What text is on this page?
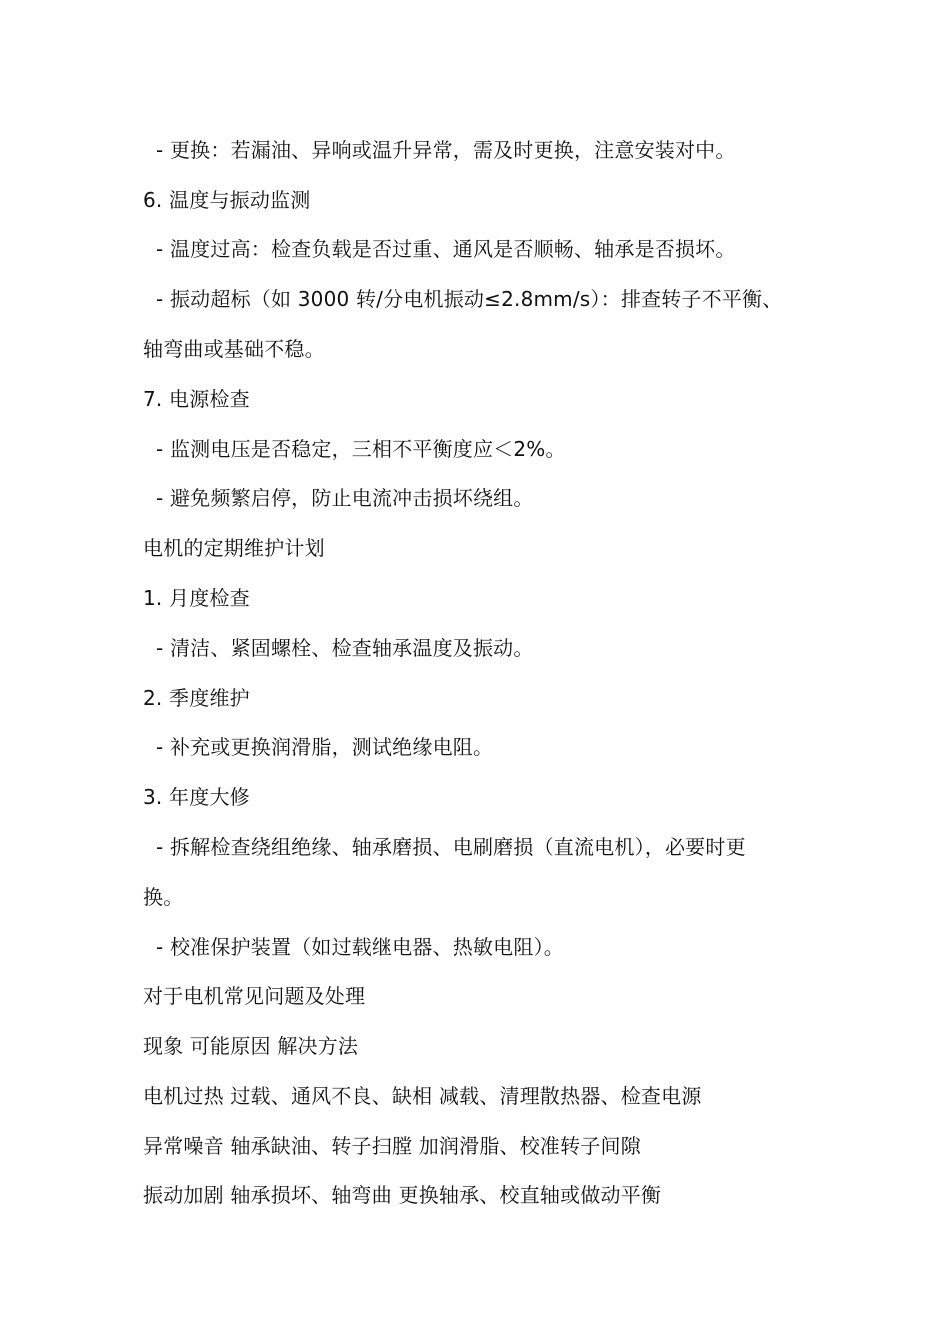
- 更换：若漏油、异响或温升异常，需及时更换，注意安装对中。
6. 温度与振动监测
- 温度过高：检查负载是否过重、通风是否顺畅、轴承是否损坏。
- 振动超标（如 3000 转/分电机振动≤2.8mm/s）：排查转子不平衡、
轴弯曲或基础不稳。
7. 电源检查
- 监测电压是否稳定，三相不平衡度应＜2%。
- 避免频繁启停，防止电流冲击损坏绕组。
电机的定期维护计划
1. 月度检查
- 清洁、紧固螺栓、检查轴承温度及振动。
2. 季度维护
- 补充或更换润滑脂，测试绝缘电阻。
3. 年度大修
- 拆解检查绕组绝缘、轴承磨损、电刷磨损（直流电机），必要时更
换。
- 校准保护装置（如过载继电器、热敏电阻）。
对于电机常见问题及处理
现象 可能原因 解决方法
电机过热 过载、通风不良、缺相 减载、清理散热器、检查电源
异常噪音 轴承缺油、转子扫膛 加润滑脂、校准转子间隙
振动加剧 轴承损坏、轴弯曲 更换轴承、校直轴或做动平衡
